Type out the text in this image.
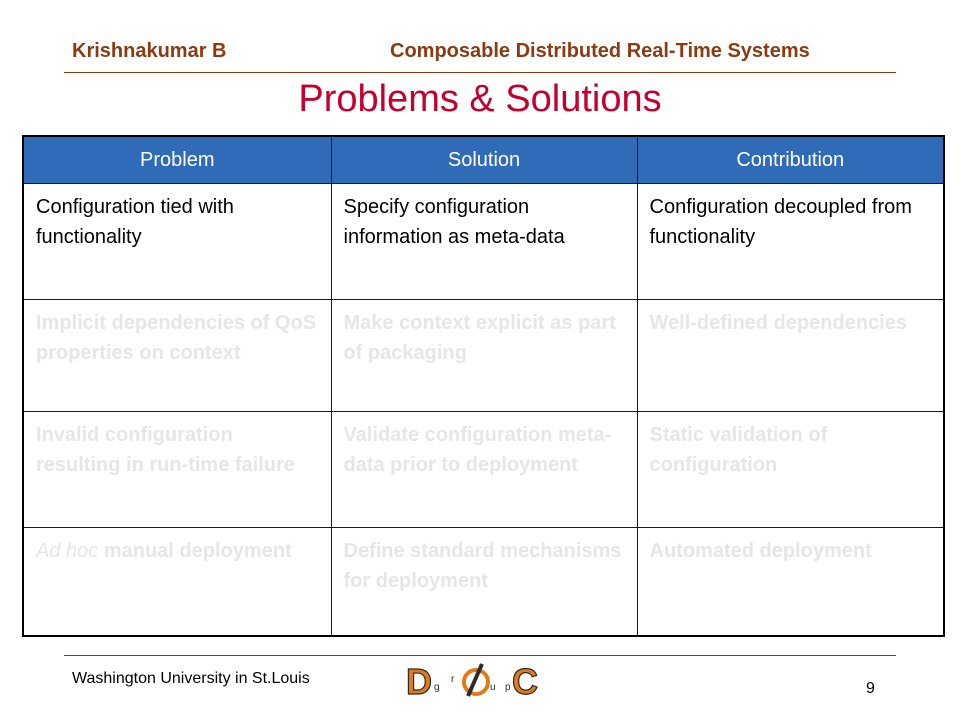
Krishnakumar B	Composable Distributed Real-Time Systems
Problems & Solutions
Problem	Solution	Contribution
Configuration tied with functionality	Specify configuration information as meta-data	Configuration decoupled from functionality
Implicit dependencies of QoS properties on context	Make context explicit as part of packaging	Well-defined dependencies
Invalid configuration resulting in run-time failure	Validate configuration meta-data prior to deployment	Static validation of configuration
Ad hoc manual deployment	Define standard mechanisms for deployment	Automated deployment
Washington University in St.Louis	D g
r
u p C
O
9
